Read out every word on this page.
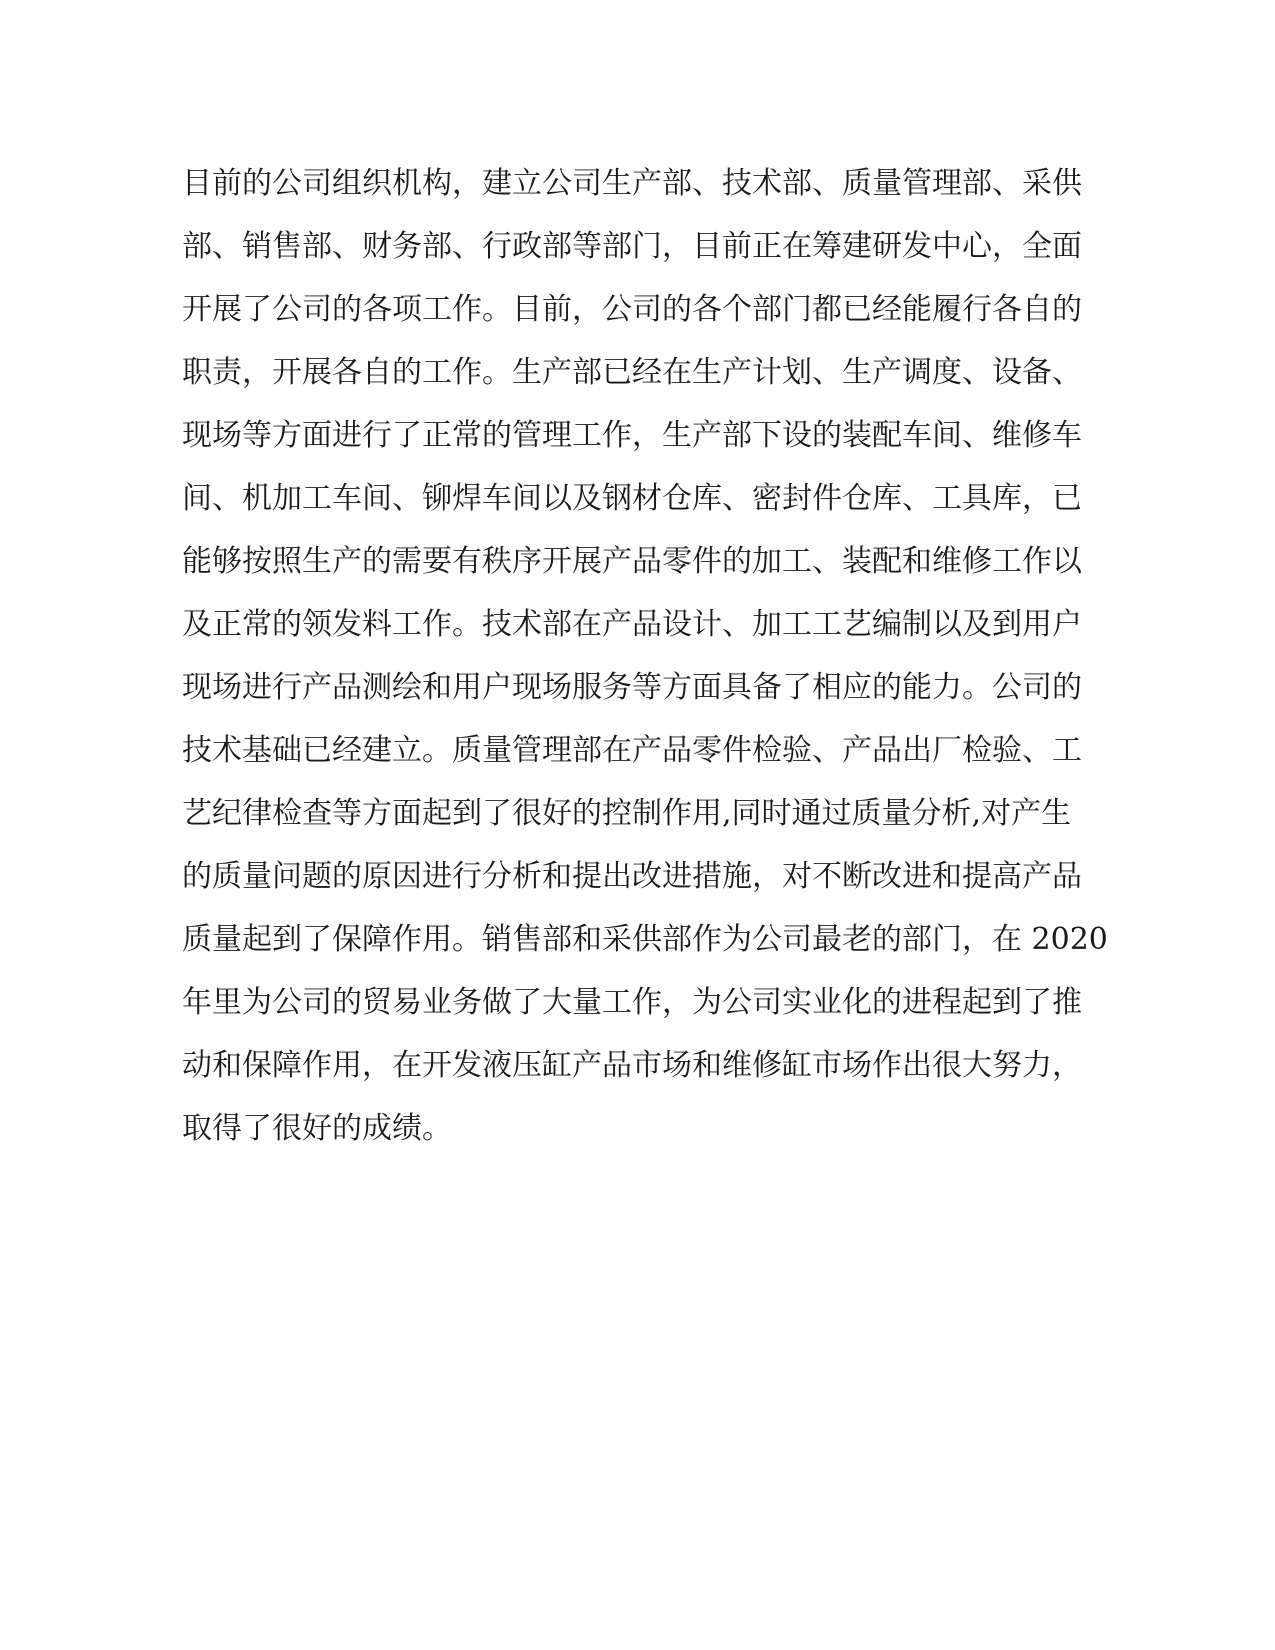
目前的公司组织机构，建立公司生产部、技术部、质量管理部、采供
部、销售部、财务部、行政部等部门，目前正在筹建研发中心，全面
开展了公司的各项工作。目前，公司的各个部门都已经能履行各自的
职责，开展各自的工作。生产部已经在生产计划、生产调度、设备、
现场等方面进行了正常的管理工作，生产部下设的装配车间、维修车
间、机加工车间、铆焊车间以及钢材仓库、密封件仓库、工具库，已
能够按照生产的需要有秩序开展产品零件的加工、装配和维修工作以
及正常的领发料工作。技术部在产品设计、加工工艺编制以及到用户
现场进行产品测绘和用户现场服务等方面具备了相应的能力。公司的
技术基础已经建立。质量管理部在产品零件检验、产品出厂检验、工
艺纪律检查等方面起到了很好的控制作用,同时通过质量分析,对产生
的质量问题的原因进行分析和提出改进措施，对不断改进和提高产品
质量起到了保障作用。销售部和采供部作为公司最老的部门，在 2020
年里为公司的贸易业务做了大量工作，为公司实业化的进程起到了推
动和保障作用，在开发液压缸产品市场和维修缸市场作出很大努力，
取得了很好的成绩。
